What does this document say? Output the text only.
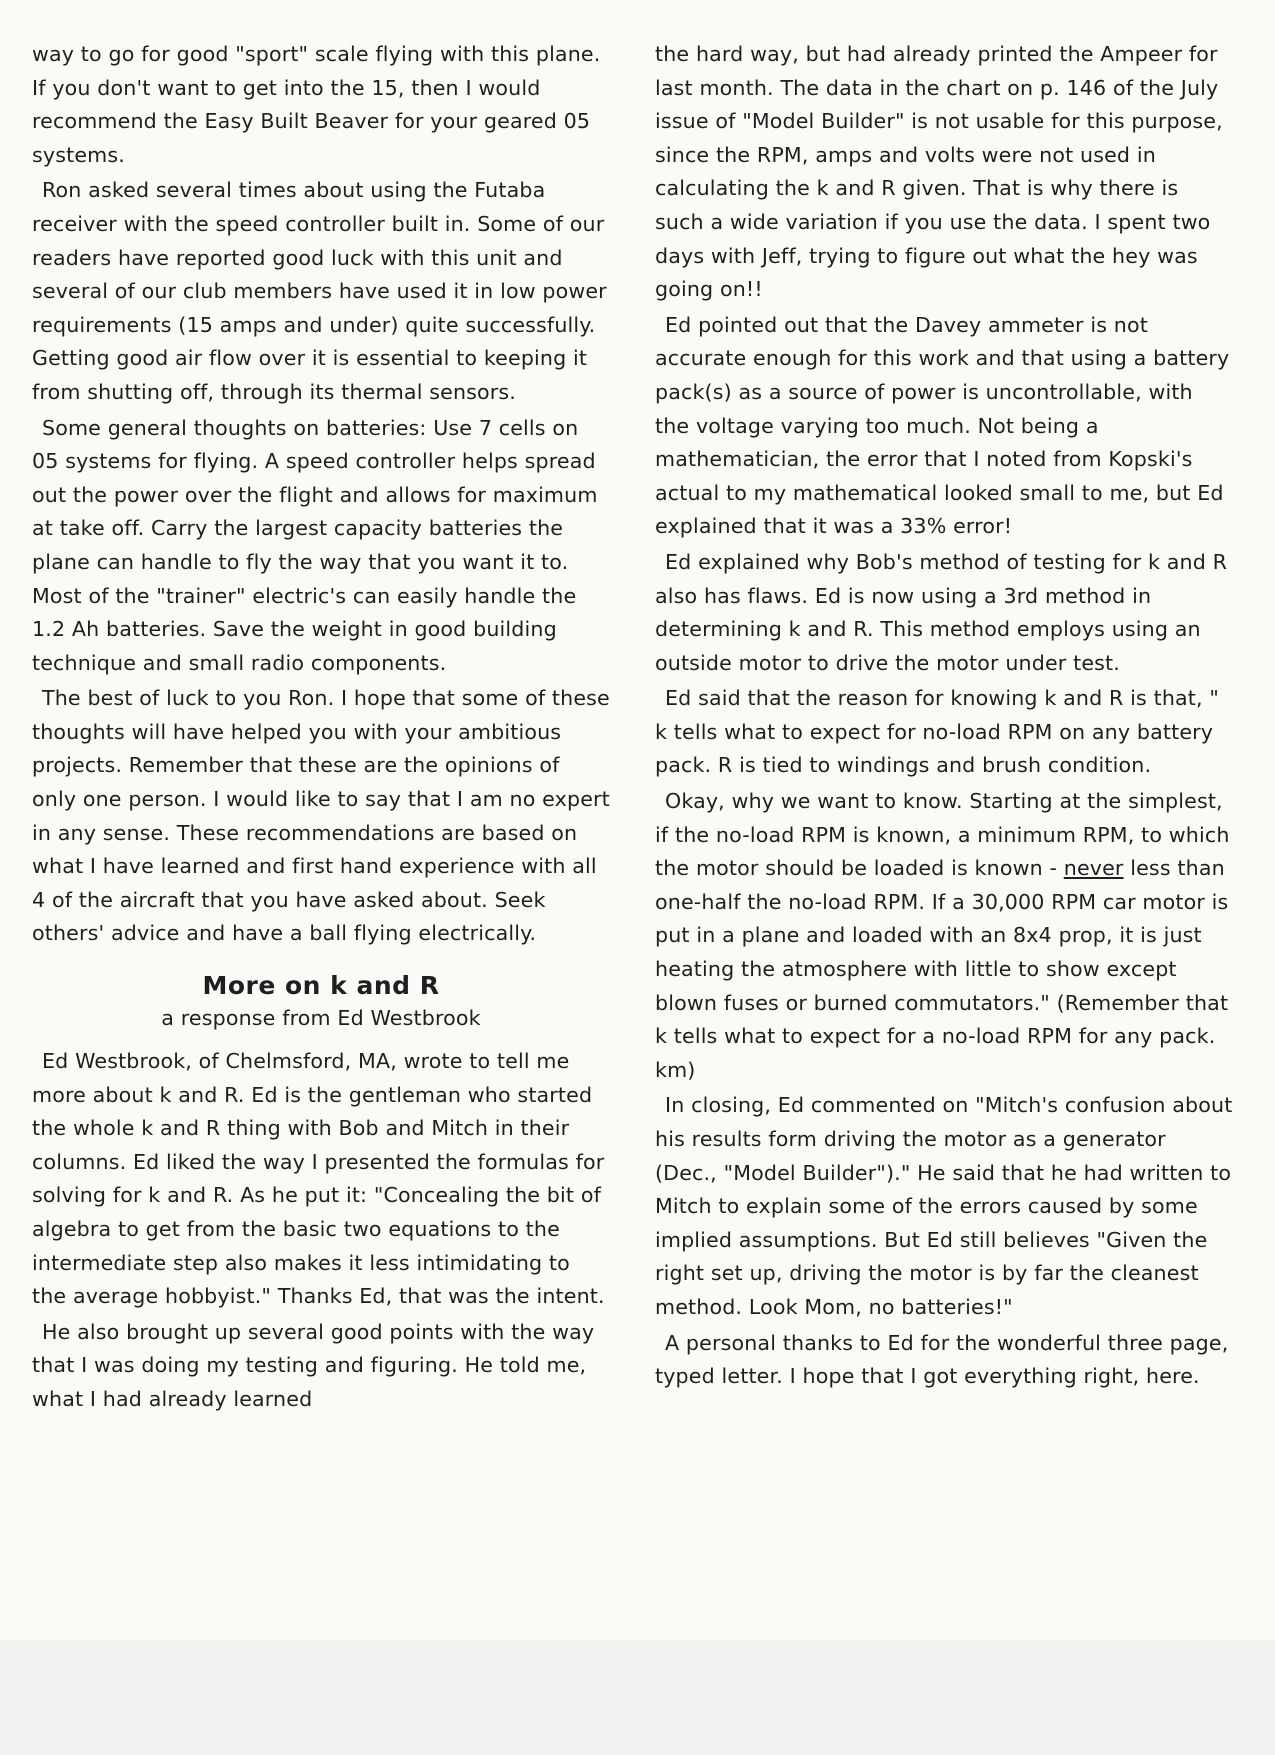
way to go for good "sport" scale flying with this plane. If you don't want to get into the 15, then I would recommend the Easy Built Beaver for your geared 05 systems.

Ron asked several times about using the Futaba receiver with the speed controller built in. Some of our readers have reported good luck with this unit and several of our club members have used it in low power requirements (15 amps and under) quite successfully. Getting good air flow over it is essential to keeping it from shutting off, through its thermal sensors.

Some general thoughts on batteries: Use 7 cells on 05 systems for flying. A speed controller helps spread out the power over the flight and allows for maximum at take off. Carry the largest capacity batteries the plane can handle to fly the way that you want it to. Most of the "trainer" electric's can easily handle the 1.2 Ah batteries. Save the weight in good building technique and small radio components.

The best of luck to you Ron. I hope that some of these thoughts will have helped you with your ambitious projects. Remember that these are the opinions of only one person. I would like to say that I am no expert in any sense. These recommendations are based on what I have learned and first hand experience with all 4 of the aircraft that you have asked about. Seek others' advice and have a ball flying electrically.

More on k and R
a response from Ed Westbrook

Ed Westbrook, of Chelmsford, MA, wrote to tell me more about k and R. Ed is the gentleman who started the whole k and R thing with Bob and Mitch in their columns. Ed liked the way I presented the formulas for solving for k and R. As he put it: "Concealing the bit of algebra to get from the basic two equations to the intermediate step also makes it less intimidating to the average hobbyist." Thanks Ed, that was the intent.

He also brought up several good points with the way that I was doing my testing and figuring. He told me, what I had already learned

the hard way, but had already printed the Ampeer for last month. The data in the chart on p. 146 of the July issue of "Model Builder" is not usable for this purpose, since the RPM, amps and volts were not used in calculating the k and R given. That is why there is such a wide variation if you use the data. I spent two days with Jeff, trying to figure out what the hey was going on!!

Ed pointed out that the Davey ammeter is not accurate enough for this work and that using a battery pack(s) as a source of power is uncontrollable, with the voltage varying too much. Not being a mathematician, the error that I noted from Kopski's actual to my mathematical looked small to me, but Ed explained that it was a 33% error!

Ed explained why Bob's method of testing for k and R also has flaws. Ed is now using a 3rd method in determining k and R. This method employs using an outside motor to drive the motor under test.

Ed said that the reason for knowing k and R is that, " k tells what to expect for no-load RPM on any battery pack. R is tied to windings and brush condition.

Okay, why we want to know. Starting at the simplest, if the no-load RPM is known, a minimum RPM, to which the motor should be loaded is known - never less than one-half the no-load RPM. If a 30,000 RPM car motor is put in a plane and loaded with an 8x4 prop, it is just heating the atmosphere with little to show except blown fuses or burned commutators." (Remember that k tells what to expect for a no-load RPM for any pack. km)

In closing, Ed commented on "Mitch's confusion about his results form driving the motor as a generator (Dec., "Model Builder")." He said that he had written to Mitch to explain some of the errors caused by some implied assumptions. But Ed still believes "Given the right set up, driving the motor is by far the cleanest method. Look Mom, no batteries!"

A personal thanks to Ed for the wonderful three page, typed letter. I hope that I got everything right, here.
